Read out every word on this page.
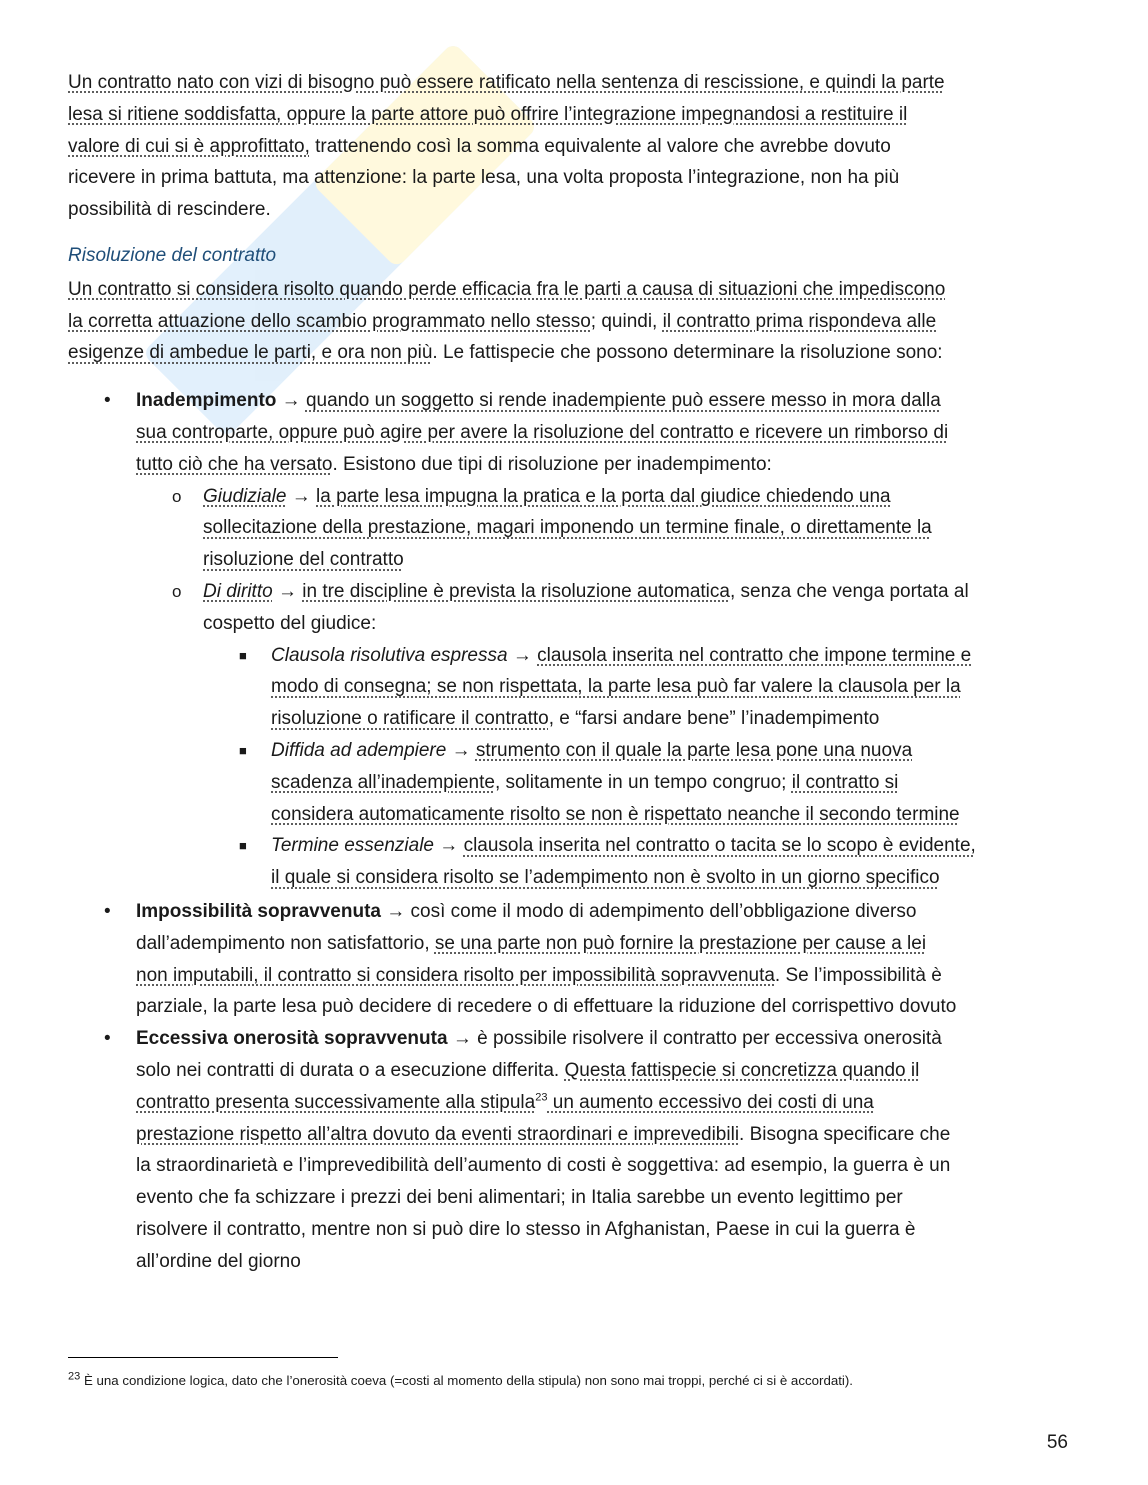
Un contratto nato con vizi di bisogno può essere ratificato nella sentenza di rescissione, e quindi la parte
lesa si ritiene soddisfatta, oppure la parte attore può offrire l’integrazione impegnandosi a restituire il
valore di cui si è approfittato, trattenendo così la somma equivalente al valore che avrebbe dovuto
ricevere in prima battuta, ma attenzione: la parte lesa, una volta proposta l’integrazione, non ha più
possibilità di rescindere.
Risoluzione del contratto
Un contratto si considera risolto quando perde efficacia fra le parti a causa di situazioni che impediscono
la corretta attuazione dello scambio programmato nello stesso; quindi, il contratto prima rispondeva alle
esigenze di ambedue le parti, e ora non più. Le fattispecie che possono determinare la risoluzione sono:
• Inadempimento → quando un soggetto si rende inadempiente può essere messo in mora dalla
sua controparte, oppure può agire per avere la risoluzione del contratto e ricevere un rimborso di
tutto ciò che ha versato. Esistono due tipi di risoluzione per inadempimento:
o Giudiziale → la parte lesa impugna la pratica e la porta dal giudice chiedendo una
sollecitazione della prestazione, magari imponendo un termine finale, o direttamente la
risoluzione del contratto
o Di diritto → in tre discipline è prevista la risoluzione automatica, senza che venga portata al
cospetto del giudice:
■ Clausola risolutiva espressa → clausola inserita nel contratto che impone termine e
modo di consegna; se non rispettata, la parte lesa può far valere la clausola per la
risoluzione o ratificare il contratto, e “farsi andare bene” l’inadempimento
■ Diffida ad adempiere → strumento con il quale la parte lesa pone una nuova
scadenza all’inadempiente, solitamente in un tempo congruo; il contratto si
considera automaticamente risolto se non è rispettato neanche il secondo termine
■ Termine essenziale → clausola inserita nel contratto o tacita se lo scopo è evidente,
il quale si considera risolto se l’adempimento non è svolto in un giorno specifico
• Impossibilità sopravvenuta → così come il modo di adempimento dell’obbligazione diverso
dall’adempimento non satisfattorio, se una parte non può fornire la prestazione per cause a lei
non imputabili, il contratto si considera risolto per impossibilità sopravvenuta. Se l’impossibilità è
parziale, la parte lesa può decidere di recedere o di effettuare la riduzione del corrispettivo dovuto
• Eccessiva onerosità sopravvenuta → è possibile risolvere il contratto per eccessiva onerosità
solo nei contratti di durata o a esecuzione differita. Questa fattispecie si concretizza quando il
contratto presenta successivamente alla stipula$^{23}$ un aumento eccessivo dei costi di una
prestazione rispetto all’altra dovuto da eventi straordinari e imprevedibili. Bisogna specificare che
la straordinarietà e l’imprevedibilità dell’aumento di costi è soggettiva: ad esempio, la guerra è un
evento che fa schizzare i prezzi dei beni alimentari; in Italia sarebbe un evento legittimo per
risolvere il contratto, mentre non si può dire lo stesso in Afghanistan, Paese in cui la guerra è
all’ordine del giorno
$^{23}$ È una condizione logica, dato che l’onerosità coeva (=costi al momento della stipula) non sono mai troppi, perché ci si è accordati).
56
